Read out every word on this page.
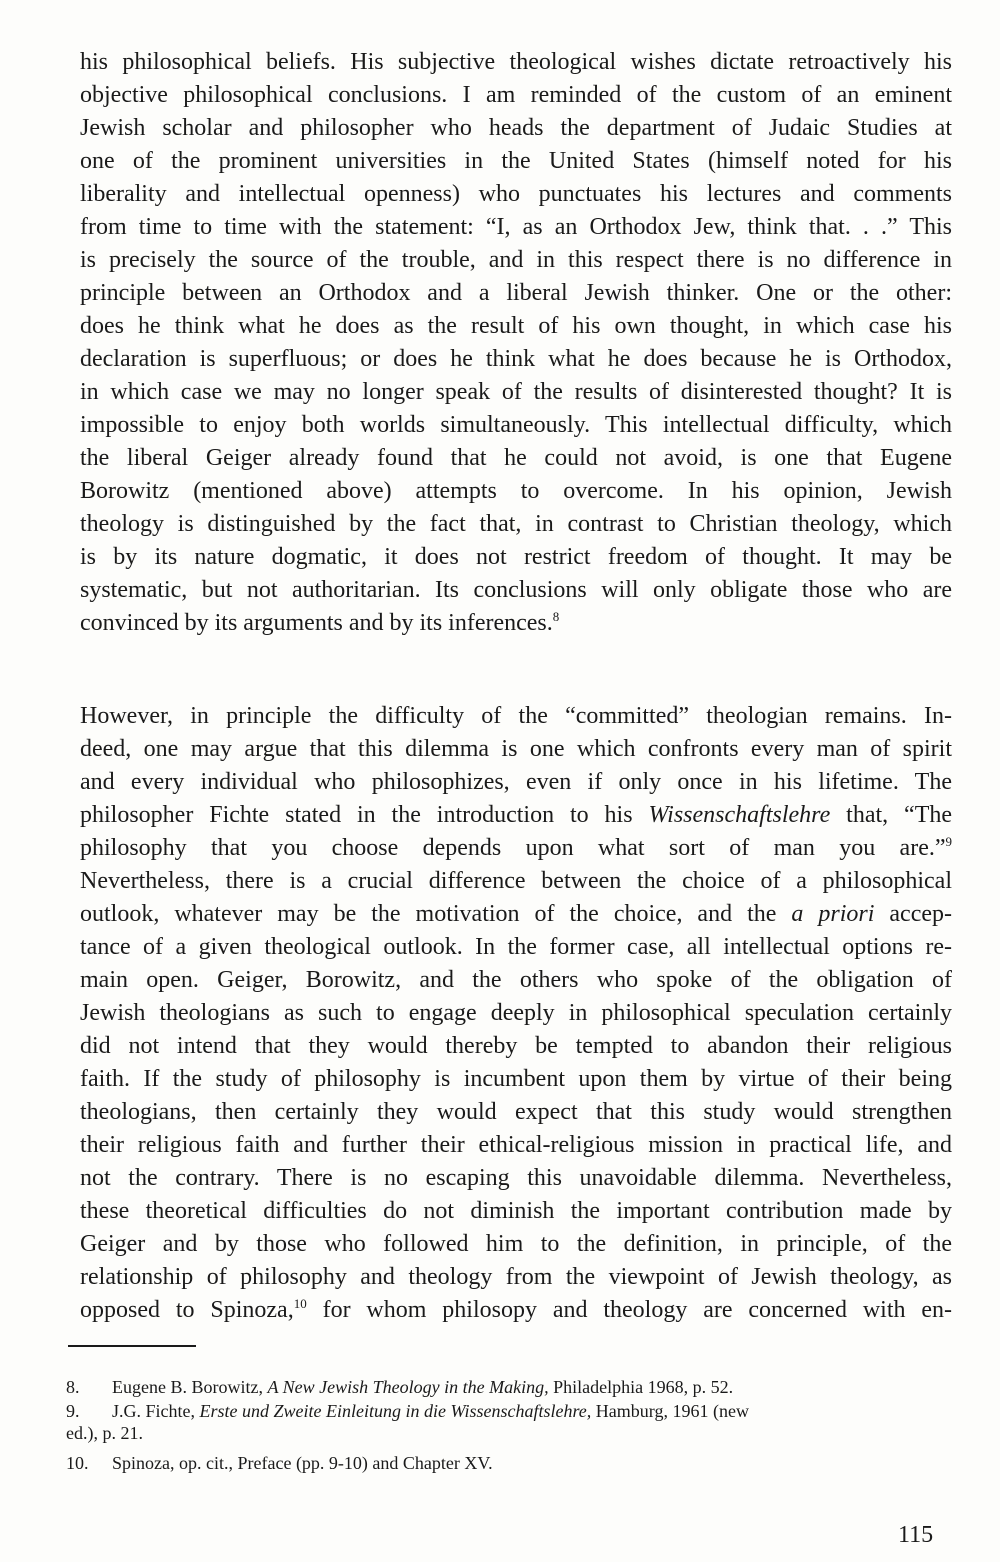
his philosophical beliefs. His subjective theological wishes dictate retroactively his
objective philosophical conclusions. I am reminded of the custom of an eminent
Jewish scholar and philosopher who heads the department of Judaic Studies at
one of the prominent universities in the United States (himself noted for his
liberality and intellectual openness) who punctuates his lectures and comments
from time to time with the statement: “I, as an Orthodox Jew, think that. . .” This
is precisely the source of the trouble, and in this respect there is no difference in
principle between an Orthodox and a liberal Jewish thinker. One or the other:
does he think what he does as the result of his own thought, in which case his
declaration is superfluous; or does he think what he does because he is Orthodox,
in which case we may no longer speak of the results of disinterested thought? It is
impossible to enjoy both worlds simultaneously. This intellectual difficulty, which
the liberal Geiger already found that he could not avoid, is one that Eugene
Borowitz (mentioned above) attempts to overcome. In his opinion, Jewish
theology is distinguished by the fact that, in contrast to Christian theology, which
is by its nature dogmatic, it does not restrict freedom of thought. It may be
systematic, but not authoritarian. Its conclusions will only obligate those who are
convinced by its arguments and by its inferences.$^8$
However, in principle the difficulty of the “committed” theologian remains. In-
deed, one may argue that this dilemma is one which confronts every man of spirit
and every individual who philosophizes, even if only once in his lifetime. The
philosopher Fichte stated in the introduction to his Wissenschaftslehre that, “The
philosophy that you choose depends upon what sort of man you are.”$^9$
Nevertheless, there is a crucial difference between the choice of a philosophical
outlook, whatever may be the motivation of the choice, and the a priori accep-
tance of a given theological outlook. In the former case, all intellectual options re-
main open. Geiger, Borowitz, and the others who spoke of the obligation of
Jewish theologians as such to engage deeply in philosophical speculation certainly
did not intend that they would thereby be tempted to abandon their religious
faith. If the study of philosophy is incumbent upon them by virtue of their being
theologians, then certainly they would expect that this study would strengthen
their religious faith and further their ethical-religious mission in practical life, and
not the contrary. There is no escaping this unavoidable dilemma. Nevertheless,
these theoretical difficulties do not diminish the important contribution made by
Geiger and by those who followed him to the definition, in principle, of the
relationship of philosophy and theology from the viewpoint of Jewish theology, as
opposed to Spinoza,$^{10}$ for whom philosopy and theology are concerned with en-
8. Eugene B. Borowitz, A New Jewish Theology in the Making, Philadelphia 1968, p. 52.
9. J.G. Fichte, Erste und Zweite Einleitung in die Wissenschaftslehre, Hamburg, 1961 (new
ed.), p. 21.
10. Spinoza, op. cit., Preface (pp. 9-10) and Chapter XV.
115
